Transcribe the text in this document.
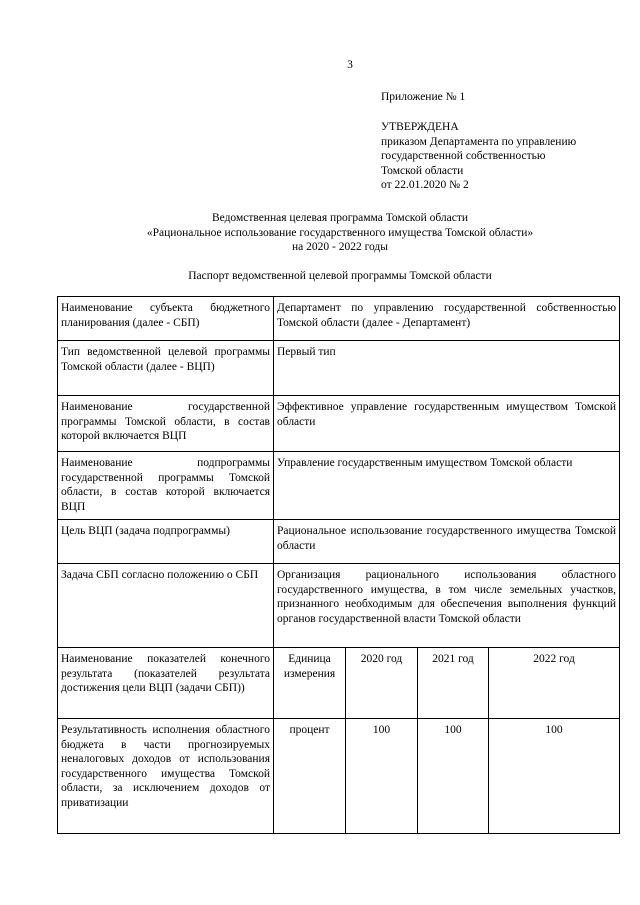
3
Приложение № 1
УТВЕРЖДЕНА
приказом Департамента по управлению
государственной собственностью
Томской области
от 22.01.2020 № 2
Ведомственная целевая программа Томской области
«Рациональное использование государственного имущества Томской области»
на 2020 - 2022 годы
Паспорт ведомственной целевой программы Томской области
Наименование субъекта бюджетного планирования (далее - СБП)	Департамент по управлению государственной собственностью Томской области (далее - Департамент)			
Тип ведомственной целевой программы Томской области (далее - ВЦП)	Первый тип			
Наименование государственной программы Томской области, в состав которой включается ВЦП	Эффективное управление государственным имуществом Томской области			
Наименование подпрограммы государственной программы Томской области, в состав которой включается ВЦП	Управление государственным имуществом Томской области			
Цель ВЦП (задача подпрограммы)	Рациональное использование государственного имущества Томской области			
Задача СБП согласно положению о СБП	Организация рационального использования областного государственного имущества, в том числе земельных участков, признанного необходимым для обеспечения выполнения функций органов государственной власти Томской области			
Наименование показателей конечного результата (показателей результата достижения цели ВЦП (задачи СБП))	Единица измерения	2020 год	2021 год	2022 год
Результативность исполнения областного бюджета в части прогнозируемых неналоговых доходов от использования государственного имущества Томской области, за исключением доходов от приватизации	процент	100	100	100
